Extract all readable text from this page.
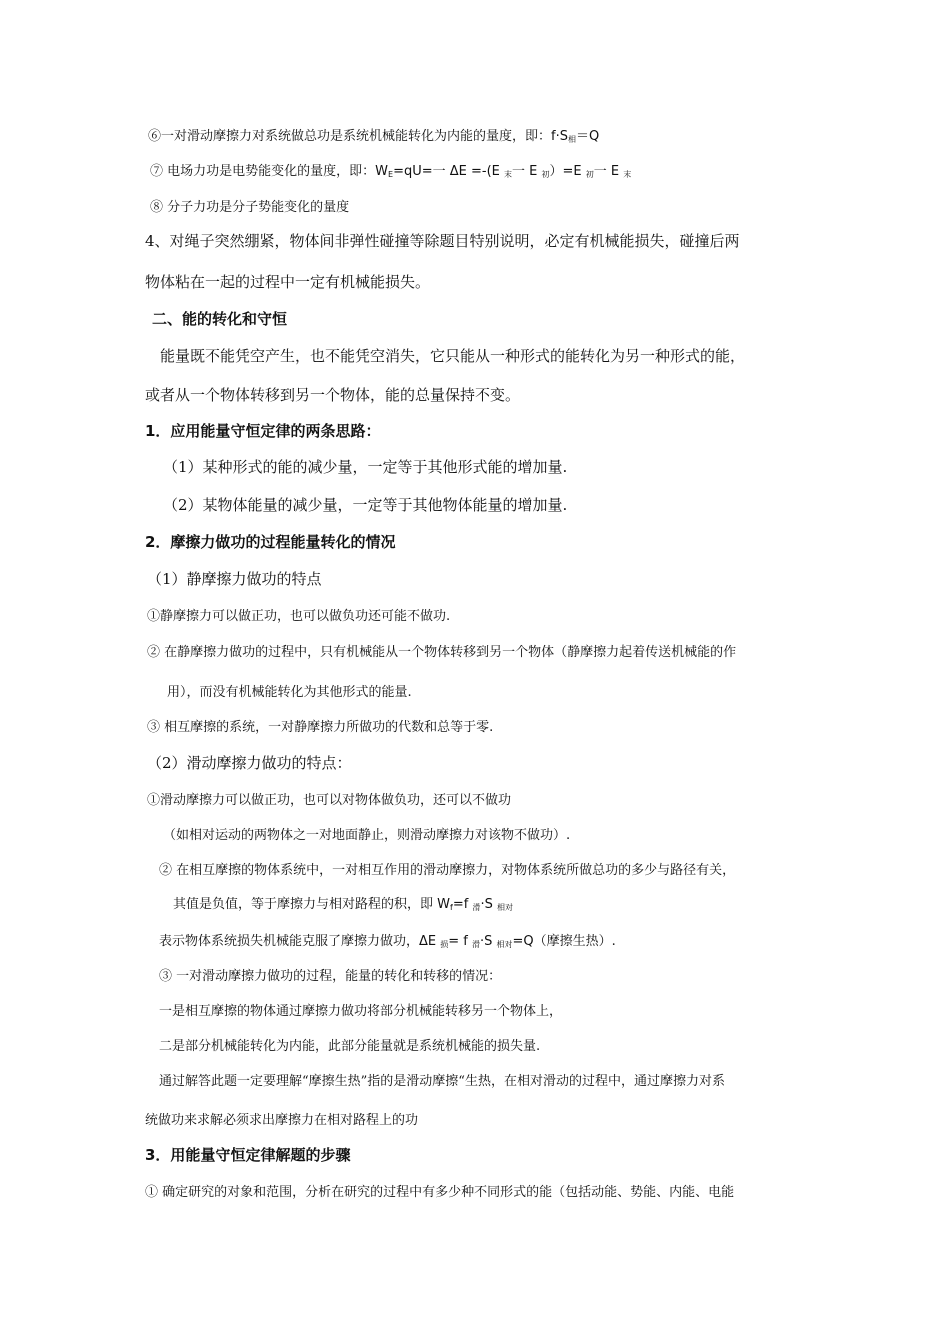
⑥一对滑动摩擦力对系统做总功是系统机械能转化为内能的量度，即：f·S相＝Q
⑦ 电场力功是电势能变化的量度，即：WE=qU=一 ΔE =-(E 末一 E 初）=E 初一 E 末
⑧ 分子力功是分子势能变化的量度
4、对绳子突然绷紧，物体间非弹性碰撞等除题目特别说明，必定有机械能损失，碰撞后两
物体粘在一起的过程中一定有机械能损失。
二、能的转化和守恒
能量既不能凭空产生，也不能凭空消失，它只能从一种形式的能转化为另一种形式的能，
或者从一个物体转移到另一个物体，能的总量保持不变。
1．应用能量守恒定律的两条思路：
（1）某种形式的能的减少量，一定等于其他形式能的增加量.
（2）某物体能量的减少量，一定等于其他物体能量的增加量.
2．摩擦力做功的过程能量转化的情况
（1）静摩擦力做功的特点
①静摩擦力可以做正功，也可以做负功还可能不做功.
② 在静摩擦力做功的过程中，只有机械能从一个物体转移到另一个物体（静摩擦力起着传送机械能的作
用），而没有机械能转化为其他形式的能量.
③ 相互摩擦的系统，一对静摩擦力所做功的代数和总等于零.
（2）滑动摩擦力做功的特点：
①滑动摩擦力可以做正功，也可以对物体做负功，还可以不做功
（如相对运动的两物体之一对地面静止，则滑动摩擦力对该物不做功）.
② 在相互摩擦的物体系统中，一对相互作用的滑动摩擦力，对物体系统所做总功的多少与路径有关，
其值是负值，等于摩擦力与相对路程的积，即 Wf=f 滑·S 相对
表示物体系统损失机械能克服了摩擦力做功，ΔE 损= f 滑·S 相对=Q（摩擦生热）.
③ 一对滑动摩擦力做功的过程，能量的转化和转移的情况：
一是相互摩擦的物体通过摩擦力做功将部分机械能转移另一个物体上，
二是部分机械能转化为内能，此部分能量就是系统机械能的损失量.
通过解答此题一定要理解“摩擦生热”指的是滑动摩擦“生热，在相对滑动的过程中，通过摩擦力对系
统做功来求解必须求出摩擦力在相对路程上的功
3．用能量守恒定律解题的步骤
① 确定研究的对象和范围，分析在研究的过程中有多少种不同形式的能（包括动能、势能、内能、电能
